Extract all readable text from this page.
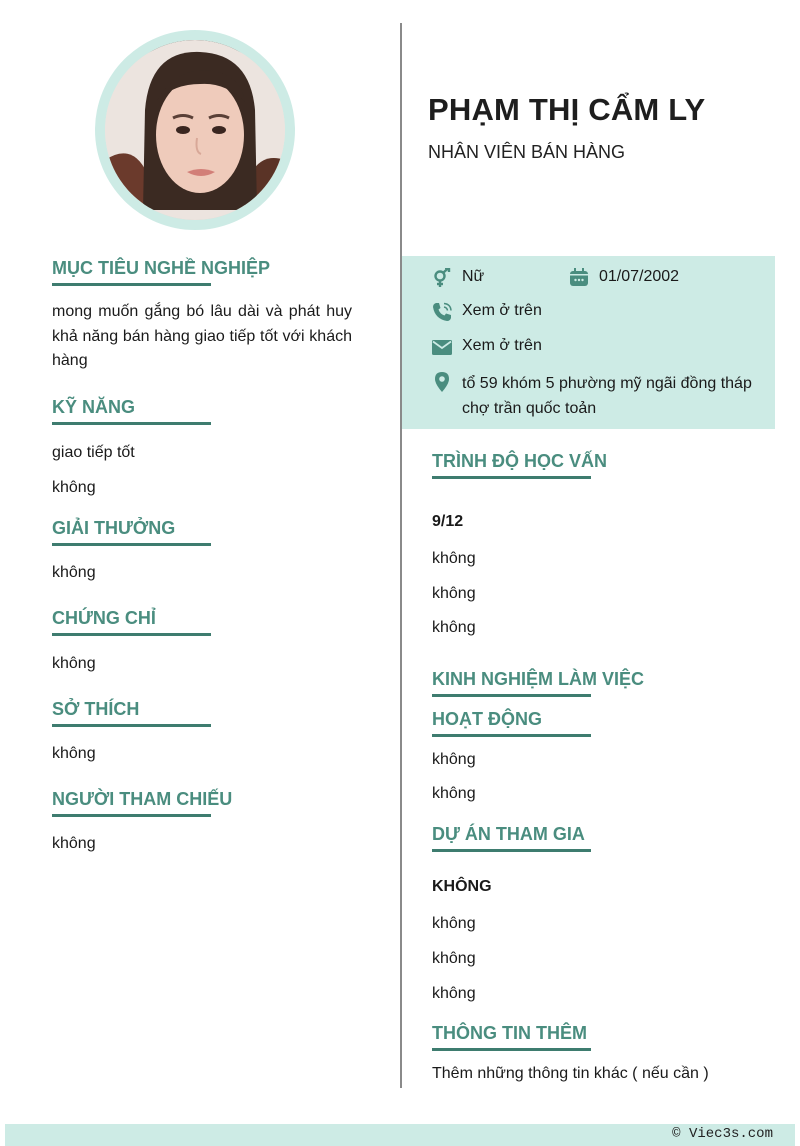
PHẠM THỊ CẨM LY

NHÂN VIÊN BÁN HÀNG

Nữ	01/07/2002
Xem ở trên
Xem ở trên
tổ 59 khóm 5 phường mỹ ngãi đồng tháp chợ trần quốc toản
MỤC TIÊU NGHỀ NGHIỆP

mong muốn gắng bó lâu dài và phát huy khả năng bán hàng giao tiếp tốt với khách hàng

KỸ NĂNG

giao tiếp tốt

không

GIẢI THƯỞNG

không

CHỨNG CHỈ

không

SỞ THÍCH

không

NGƯỜI THAM CHIẾU

không

TRÌNH ĐỘ HỌC VẤN

9/12

không

không

không

KINH NGHIỆM LÀM VIỆC
HOẠT ĐỘNG

không

không

DỰ ÁN THAM GIA

KHÔNG

không

không

không

THÔNG TIN THÊM

Thêm những thông tin khác ( nếu cần )

© Viec3s.com
